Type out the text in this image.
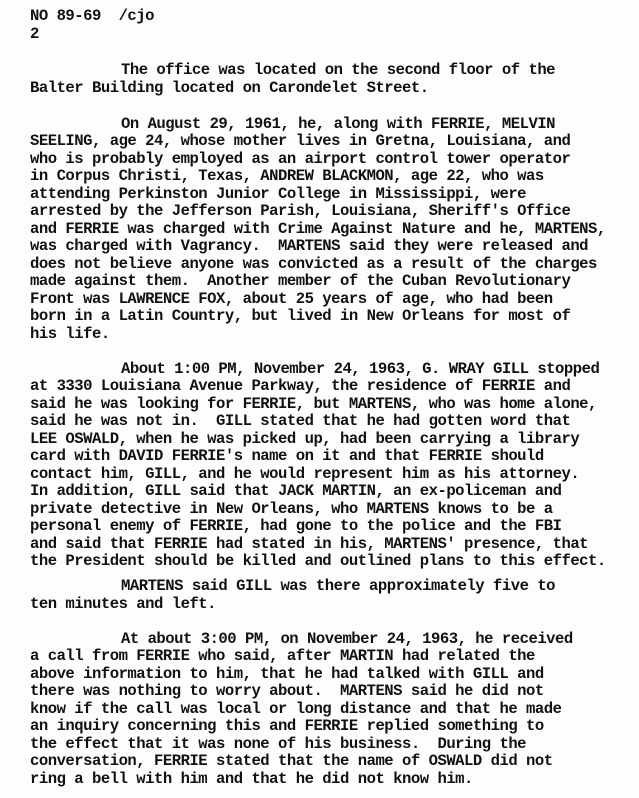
NO 89-69  /cjo
2
The office was located on the second floor of the
Balter Building located on Carondelet Street.
On August 29, 1961, he, along with FERRIE, MELVIN
SEELING, age 24, whose mother lives in Gretna, Louisiana, and
who is probably employed as an airport control tower operator
in Corpus Christi, Texas, ANDREW BLACKMON, age 22, who was
attending Perkinston Junior College in Mississippi, were
arrested by the Jefferson Parish, Louisiana, Sheriff's Office
and FERRIE was charged with Crime Against Nature and he, MARTENS,
was charged with Vagrancy.  MARTENS said they were released and
does not believe anyone was convicted as a result of the charges
made against them.  Another member of the Cuban Revolutionary
Front was LAWRENCE FOX, about 25 years of age, who had been
born in a Latin Country, but lived in New Orleans for most of
his life.
About 1:00 PM, November 24, 1963, G. WRAY GILL stopped
at 3330 Louisiana Avenue Parkway, the residence of FERRIE and
said he was looking for FERRIE, but MARTENS, who was home alone,
said he was not in.  GILL stated that he had gotten word that
LEE OSWALD, when he was picked up, had been carrying a library
card with DAVID FERRIE's name on it and that FERRIE should
contact him, GILL, and he would represent him as his attorney.
In addition, GILL said that JACK MARTIN, an ex-policeman and
private detective in New Orleans, who MARTENS knows to be a
personal enemy of FERRIE, had gone to the police and the FBI
and said that FERRIE had stated in his, MARTENS' presence, that
the President should be killed and outlined plans to this effect.
MARTENS said GILL was there approximately five to
ten minutes and left.
At about 3:00 PM, on November 24, 1963, he received
a call from FERRIE who said, after MARTIN had related the
above information to him, that he had talked with GILL and
there was nothing to worry about.  MARTENS said he did not
know if the call was local or long distance and that he made
an inquiry concerning this and FERRIE replied something to
the effect that it was none of his business.  During the
conversation, FERRIE stated that the name of OSWALD did not
ring a bell with him and that he did not know him.
